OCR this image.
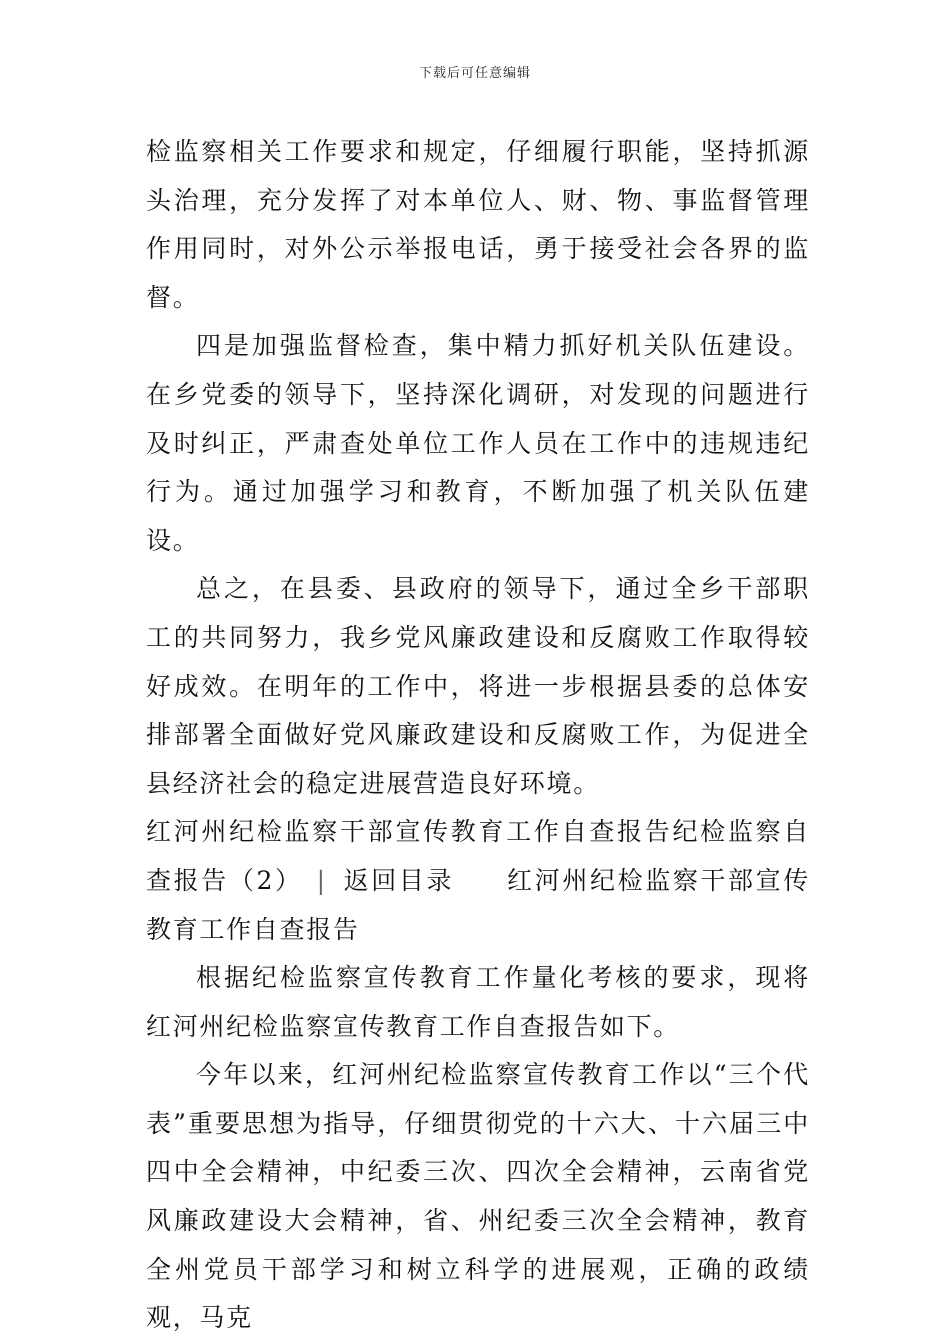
下载后可任意编辑

检监察相关工作要求和规定，仔细履行职能，坚持抓源头治理，充分发挥了对本单位人、财、物、事监督管理作用同时，对外公示举报电话，勇于接受社会各界的监督。

四是加强监督检查，集中精力抓好机关队伍建设。在乡党委的领导下，坚持深化调研，对发现的问题进行及时纠正，严肃查处单位工作人员在工作中的违规违纪行为。通过加强学习和教育，不断加强了机关队伍建设。

总之，在县委、县政府的领导下，通过全乡干部职工的共同努力，我乡党风廉政建设和反腐败工作取得较好成效。在明年的工作中，将进一步根据县委的总体安排部署全面做好党风廉政建设和反腐败工作，为促进全县经济社会的稳定进展营造良好环境。

红河州纪检监察干部宣传教育工作自查报告纪检监察自查报告（2） | 返回目录 红河州纪检监察干部宣传教育工作自查报告

根据纪检监察宣传教育工作量化考核的要求，现将红河州纪检监察宣传教育工作自查报告如下。

今年以来，红河州纪检监察宣传教育工作以“三个代表”重要思想为指导，仔细贯彻党的十六大、十六届三中四中全会精神，中纪委三次、四次全会精神，云南省党风廉政建设大会精神，省、州纪委三次全会精神，教育全州党员干部学习和树立科学的进展观，正确的政绩观，马克
